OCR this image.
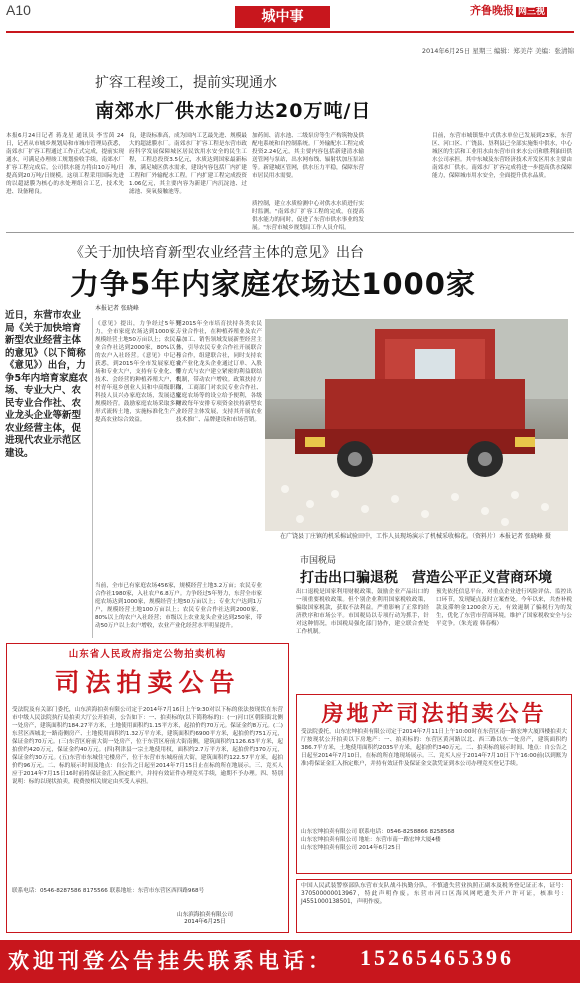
A10	城中事	齐鲁晚报 网三视
2014年6月25日 星期三 编辑：郑美芹 美编：张清锦
扩容工程竣工，提前实现通水
南郊水厂供水能力达20万吨/日
本报6月24日记者 蒋龙星 通讯员 李雪茵 24日，记者从市城乡规划局和市城市管理局获悉，南郊水厂扩容工程通过工作正式完成，提前实现通水，可满足办理竣工规划验收手续。南郊水厂扩容工程完成后，公司供水能力将由10万吨/日提高到20万吨/日规模。这项工程采用国际先进的以超滤膜为核心的水处理组合工艺，技术先进、设备精良。
良，建设标准高，成为国内工艺最先进、规模最大的超滤膜水厂。南郊水厂扩容工程是东营市政府科学发展保障城区居民饮用水安全的民生工程，工程总投资3.5亿元，水质达到国家最新标准，满足城区供水需求，建设内容包括厂内扩建工程和厂外输配水工程。厂内扩建工程完成投资1.06亿元，其主要内容为新建厂内沉淀池、过滤池、臭氧接触池等。
加药间、清水池、二级泵房等生产构筑物及供配电系统和自控制系统。厂外输配水工程完成投资2.24亿元，其主要内容包括新建清水输送管网与泵站，出水网布线、辐射状加压泵站等。新建城区管网，供水压力平稳，保障东营市居民用水需要。
质控制，建立水质检测中心对供水水质进行实时监测。"南郊水厂扩容工程的完成，在提高供水能力的同时，促进了东营市供水事业的发展。"东营市城乡规划局工作人员介绍。
目前，东营市城镇集中式供水单位已发展到23家，东营区、河口区、广饶县、垦利县已全部实施集中供水，中心城区的生活和工业用水由东营市自来水公司和胜利油田供水公司承担。其中东城及东营经济技术开发区用水主要由南郊水厂供水。南郊水厂扩容完成将进一步提高供水保障能力，保障城市用水安全，全面提升供水品质。
《关于加快培育新型农业经营主体的意见》出台
力争5年内家庭农场达1000家
本报记者 张晓峰
近日，东营市农业局《关于加快培育新型农业经营主体的意见》（以下简称《意见》）出台，力争5年内培育家庭农场、专业大户、农民专业合作社、农业龙头企业等新型农业经营主体，促进现代农业示范区建设。
《意见》提出，力争经过5年努力，全市家庭农场达到1000家，规模经营土地50万亩以上；农民专业合作社达到2000家，80%以上的农户入社经营。《意见》中记者获悉，到2015年全市发展家庭农场和专业大户，支持有专业化、懂技术、会经营的种植养殖大户，农村青年返乡创业人员和中高级职称科技人员兴办家庭农场，发展适度规模经营。鼓励家庭农场采取多种形式流转土地，实施标准化生产，提高农业综合效益。
到2015年全市培育扶持各类农民专业合作社，在种植养殖业及农产品加工、销售领域发展新型经营主体，引导农民专业合作社开展联合与合作，组建联合社，同时支持农业产业化龙头企业通过订单、入股等方式与农户建立紧密的利益联结机制，带动农户增收。政策扶持方面，工商部门对农民专业合作社、家庭农场等的设立给予便利，各级财政每年安排专项资金扶持新型农业经营主体发展，支持其开展农业技术推广、品牌建设和市场营销。
当前，全市已有家庭农场456家，规模经营土地3.2万亩；农民专业合作社1980家，入社农户6.8万户。力争经过5年努力，东营全市家庭农场达到1000家，规模经营土地50万亩以上；专业大户达到1万户，规模经营土地100万亩以上；农民专业合作社达到2000家，80%以上的农户入社经营；市级以上农业龙头企业达到250家，带动50万户以上农户增收，农业产业化经营水平明显提升。
在广饶县丁庄镇的机采棉试验田中，工作人员现场演示了机械采收棉花。（资料片）本报记者 张晓峰 摄
市国税局
打击出口骗退税　营造公平正义营商环境
出口退税是国家利用财税政策，鼓励企业产品出口的一项重要税收政策。但个别企业利用国家税收政策，骗取国家税款，获取不法利益。严重影响了正常的经济秩序和市场公平。市国税局以专项行动为抓手，针对这种情况，市国税局强化部门协作，建立联合查处工作机制。
预先依托信息平台，对重点企业进行风险评估、监控出口环节，发现疑点及时立案查处。今年以来，共查补税款及滞纳金1200余万元，有效遏制了骗税行为的发生，优化了东营市营商环境，维护了国家税收安全与公平竞争。（朱光霞 韩春梅）
山东省人民政府指定公物拍卖机构
司法拍卖公告
受法院及有关部门委托，山东滨海拍卖有限公司定于2014年7月16日上午9:30对以下标的依法按现状在东营市中级人民法院执行局拍卖大厅公开拍卖，公告如下：一、拍卖标的(以下简称标的)：(一)河口区朝阳街北侧一处房产，建筑面积约184.27平方米，土地使用面积约1.15平方米，起拍价约70万元。保证金约8万元。(二)东营区西城北一路南侧房产、土地使用面积约1.32万平方米，建筑面积约6900平方米，起拍价约751万元，保证金约70万元。(三)东营区府前大街一处房产，位于东营区府前大街南侧，建筑面积约1126.63平方米，起拍价约420万元，保证金约40万元。(四)利津县一宗土地使用权，面积约2.7万平方米，起拍价约370万元，保证金约30万元。(五)东营市东城住宅楼房产，位于东营市东城府前大街，建筑面积约122.57平方米，起拍价约96万元。二、标的展示时间及地点：自公告之日起至2014年7月15日止在标的所在地展示。三、竞买人应于2014年7月15日16时前将保证金汇入指定账户，并持有效证件办理竞买手续，逾期不予办理。四、特别说明：标的以现状拍卖，税费按相关规定由买受人承担。
联系电话：0546-8287586 8175566 联系地址：东营市东营区西四路968号
山东滨海拍卖有限公司
2014年6月25日
房地产司法拍卖公告
受法院委托，山东宏坤拍卖有限公司定于2014年7月11日上午10:00时在东营区南一路宏坤大厦四楼拍卖大厅按现状公开拍卖以下房地产：一、拍卖标的：东营区黄河路以北、西三路以东一处房产，建筑面积约386.7平方米，土地使用面积约2035平方米，起拍价约340万元。二、拍卖标的展示时间、地点：自公告之日起至2014年7月10日，在标的所在地现场展示。三、竞买人应于2014年7月10日下午16:00前(以到账为准)将保证金汇入指定账户，并持有效证件及保证金交款凭证到本公司办理竞买登记手续。
山东宏坤拍卖有限公司 联系电话：0546-8258866 8258568
山东宏坤拍卖有限公司 地址：东营市南一路宏坤大厦4楼
山东宏坤拍卖有限公司 2014年6月25日
中国人民武装警察部队东营市支队战斗执勤分队，不慎遗失营业执照正副本及税务登记证正本，证号：370500000013967，特此声明作废。东营市河口区海风网吧遗失开户许可证，核准号：J4551000138501，声明作废。
欢迎刊登公告挂失联系电话： 15265465396
